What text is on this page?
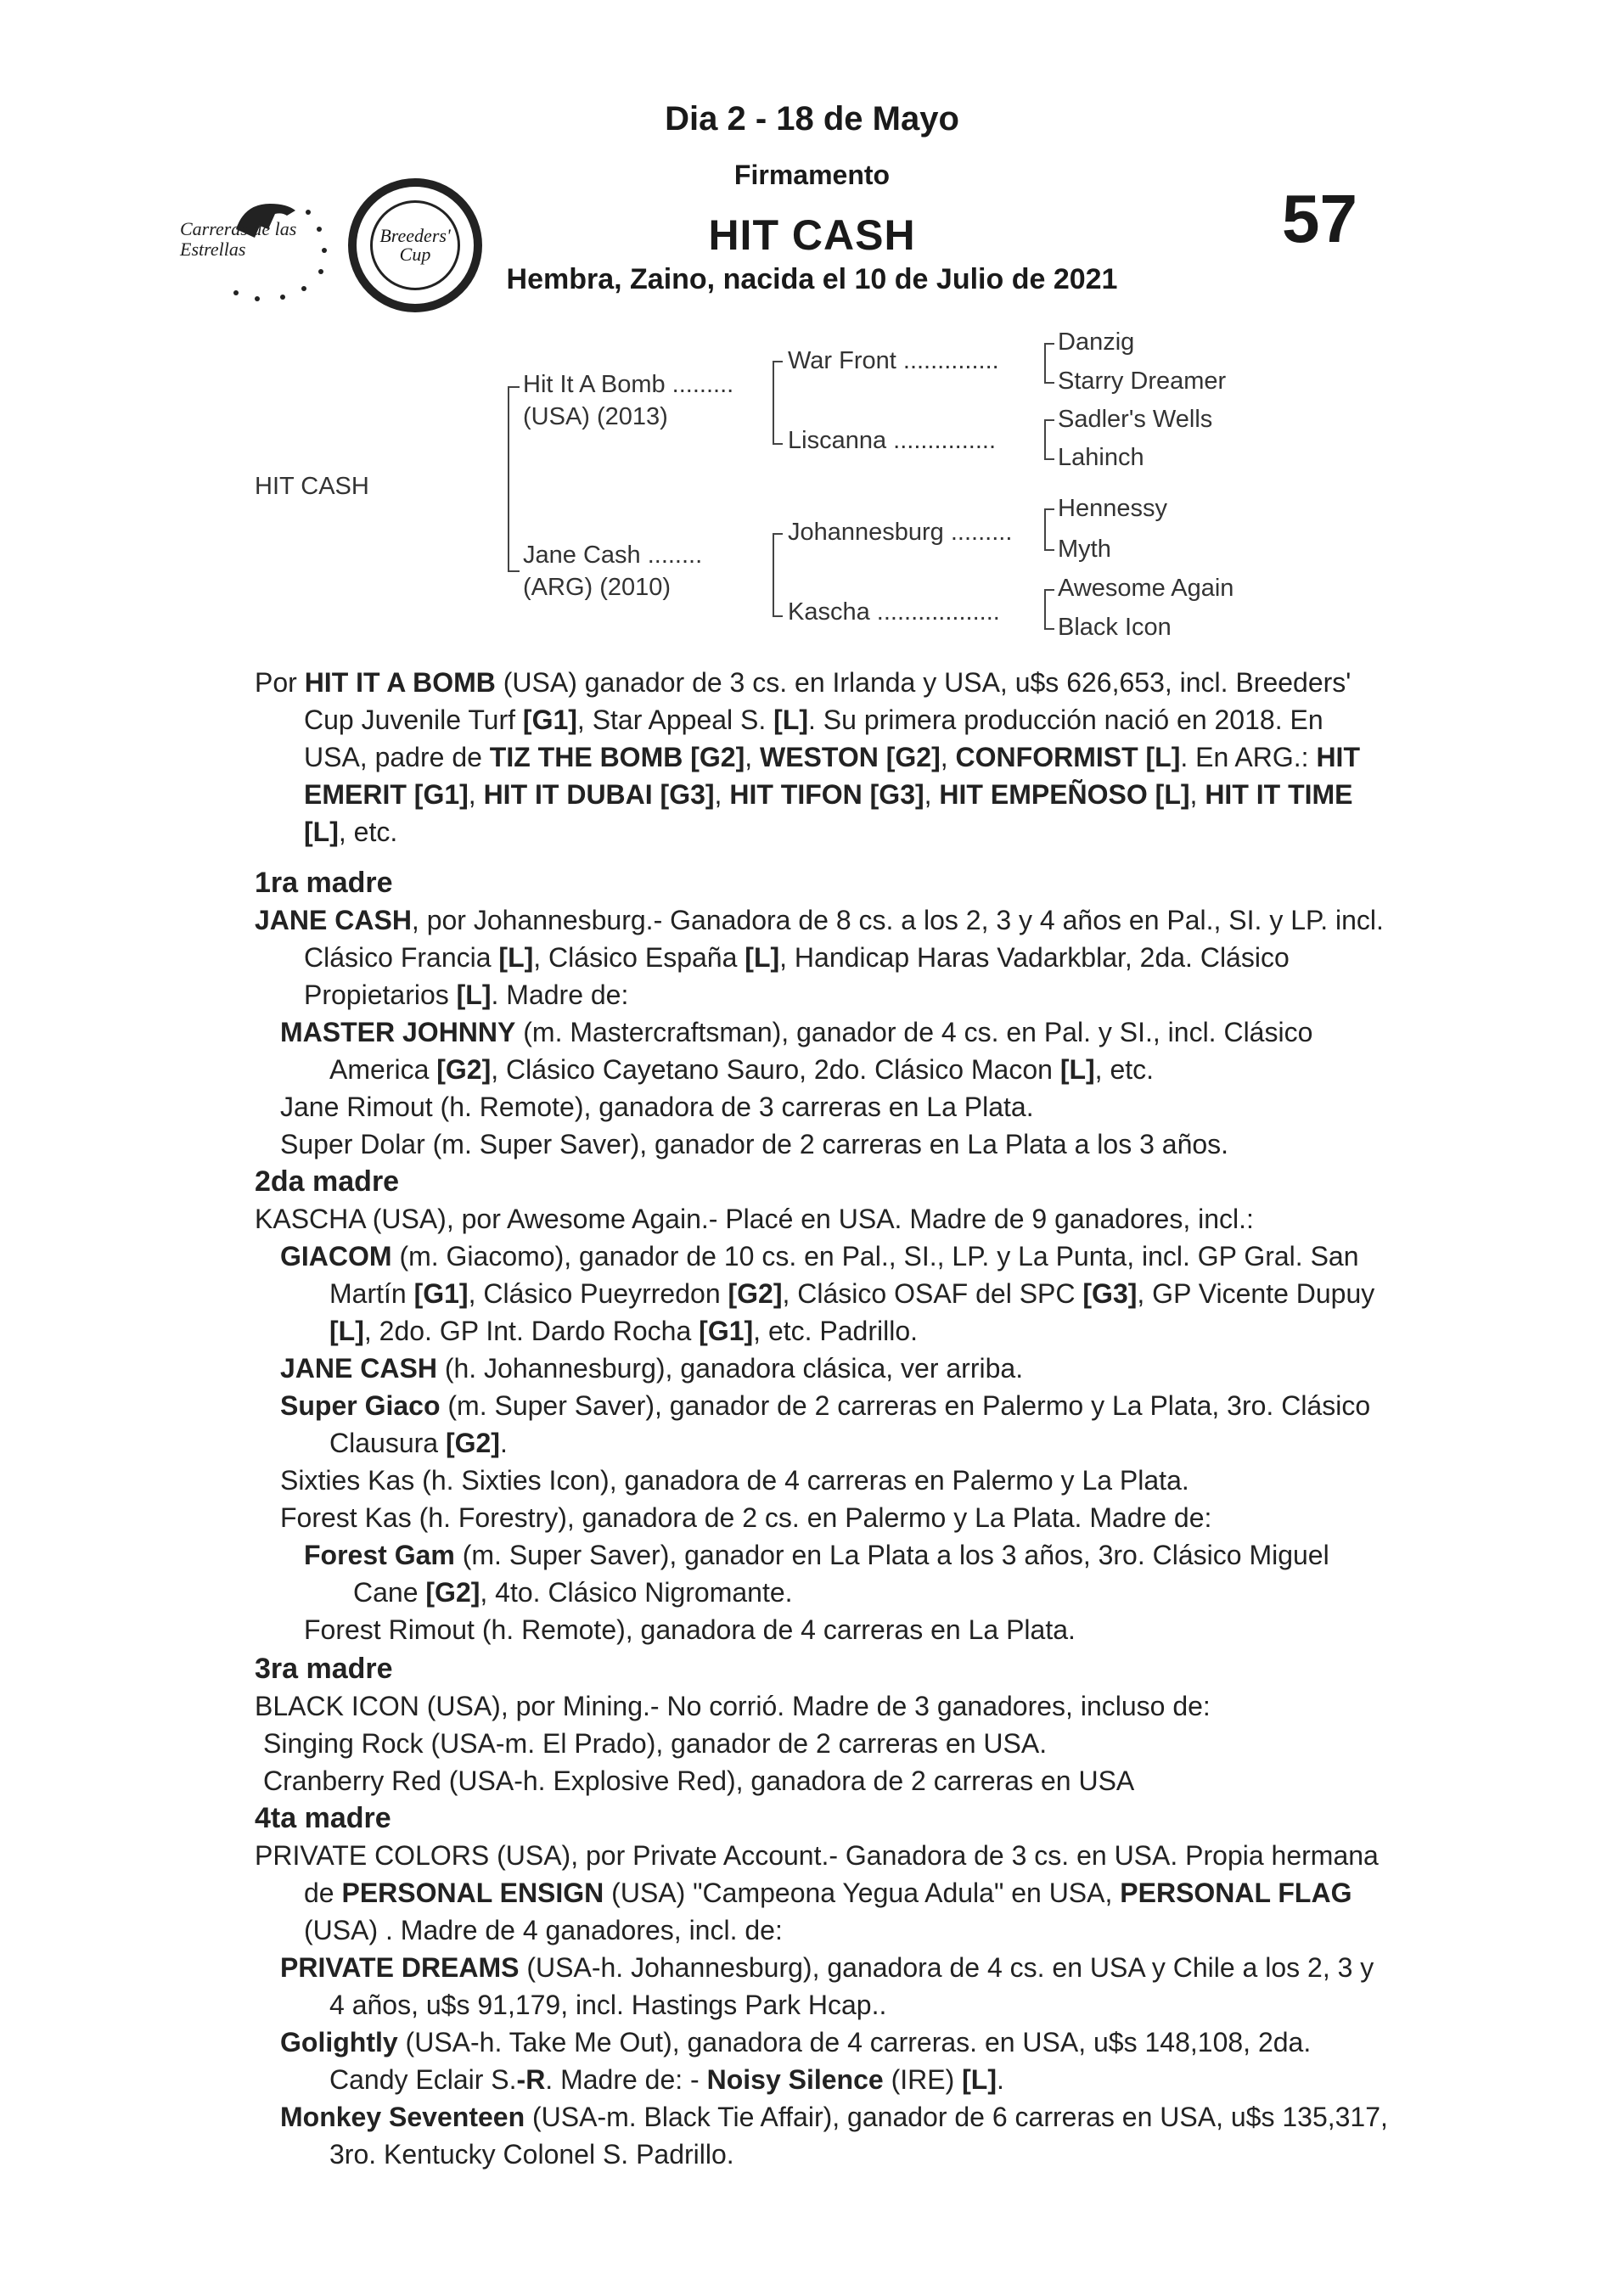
Dia 2 - 18 de Mayo
Firmamento
HIT CASH
Hembra, Zaino, nacida el 10 de Julio de 2021
57
Carreras de las Estrellas
Breeders' Cup
HIT CASH
Hit It A Bomb .........
(USA) (2013)
Jane Cash ........
(ARG) (2010)
War Front ..............
Liscanna ...............
Johannesburg .........
Kascha ..................
Danzig
Starry Dreamer
Sadler's Wells
Lahinch
Hennessy
Myth
Awesome Again
Black Icon

Por HIT IT A BOMB (USA) ganador de 3 cs. en Irlanda y USA, u$s 626,653, incl. Breeders' Cup Juvenile Turf [G1], Star Appeal S. [L]. Su primera producción nació en 2018. En USA, padre de TIZ THE BOMB [G2], WESTON [G2], CONFORMIST [L]. En ARG.: HIT EMERIT [G1], HIT IT DUBAI [G3], HIT TIFON [G3], HIT EMPEÑOSO [L], HIT IT TIME [L], etc.

1ra madre

JANE CASH, por Johannesburg.- Ganadora de 8 cs. a los 2, 3 y 4 años en Pal., SI. y LP. incl. Clásico Francia [L], Clásico España [L], Handicap Haras Vadarkblar, 2da. Clásico Propietarios [L]. Madre de:

MASTER JOHNNY (m. Mastercraftsman), ganador de 4 cs. en Pal. y SI., incl. Clásico America [G2], Clásico Cayetano Sauro, 2do. Clásico Macon [L], etc.

Jane Rimout (h. Remote), ganadora de 3 carreras en La Plata.

Super Dolar (m. Super Saver), ganador de 2 carreras en La Plata a los 3 años.

2da madre

KASCHA (USA), por Awesome Again.- Placé en USA. Madre de 9 ganadores, incl.:

GIACOM (m. Giacomo), ganador de 10 cs. en Pal., SI., LP. y La Punta, incl. GP Gral. San Martín [G1], Clásico Pueyrredon [G2], Clásico OSAF del SPC [G3], GP Vicente Dupuy [L], 2do. GP Int. Dardo Rocha [G1], etc. Padrillo.

JANE CASH (h. Johannesburg), ganadora clásica, ver arriba.

Super Giaco (m. Super Saver), ganador de 2 carreras en Palermo y La Plata, 3ro. Clásico Clausura [G2].

Sixties Kas (h. Sixties Icon), ganadora de 4 carreras en Palermo y La Plata.

Forest Kas (h. Forestry), ganadora de 2 cs. en Palermo y La Plata. Madre de:

Forest Gam (m. Super Saver), ganador en La Plata a los 3 años, 3ro. Clásico Miguel Cane [G2], 4to. Clásico Nigromante.

Forest Rimout (h. Remote), ganadora de 4 carreras en La Plata.

3ra madre

BLACK ICON (USA), por Mining.- No corrió. Madre de 3 ganadores, incluso de:

Singing Rock (USA-m. El Prado), ganador de 2 carreras en USA.

Cranberry Red (USA-h. Explosive Red), ganadora de 2 carreras en USA

4ta madre

PRIVATE COLORS (USA), por Private Account.- Ganadora de 3 cs. en USA. Propia hermana de PERSONAL ENSIGN (USA) "Campeona Yegua Adula" en USA, PERSONAL FLAG (USA) . Madre de 4 ganadores, incl. de:

PRIVATE DREAMS (USA-h. Johannesburg), ganadora de 4 cs. en USA y Chile a los 2, 3 y 4 años, u$s 91,179, incl. Hastings Park Hcap..

Golightly (USA-h. Take Me Out), ganadora de 4 carreras. en USA, u$s 148,108, 2da. Candy Eclair S.-R. Madre de: - Noisy Silence (IRE) [L].

Monkey Seventeen (USA-m. Black Tie Affair), ganador de 6 carreras en USA, u$s 135,317, 3ro. Kentucky Colonel S. Padrillo.
